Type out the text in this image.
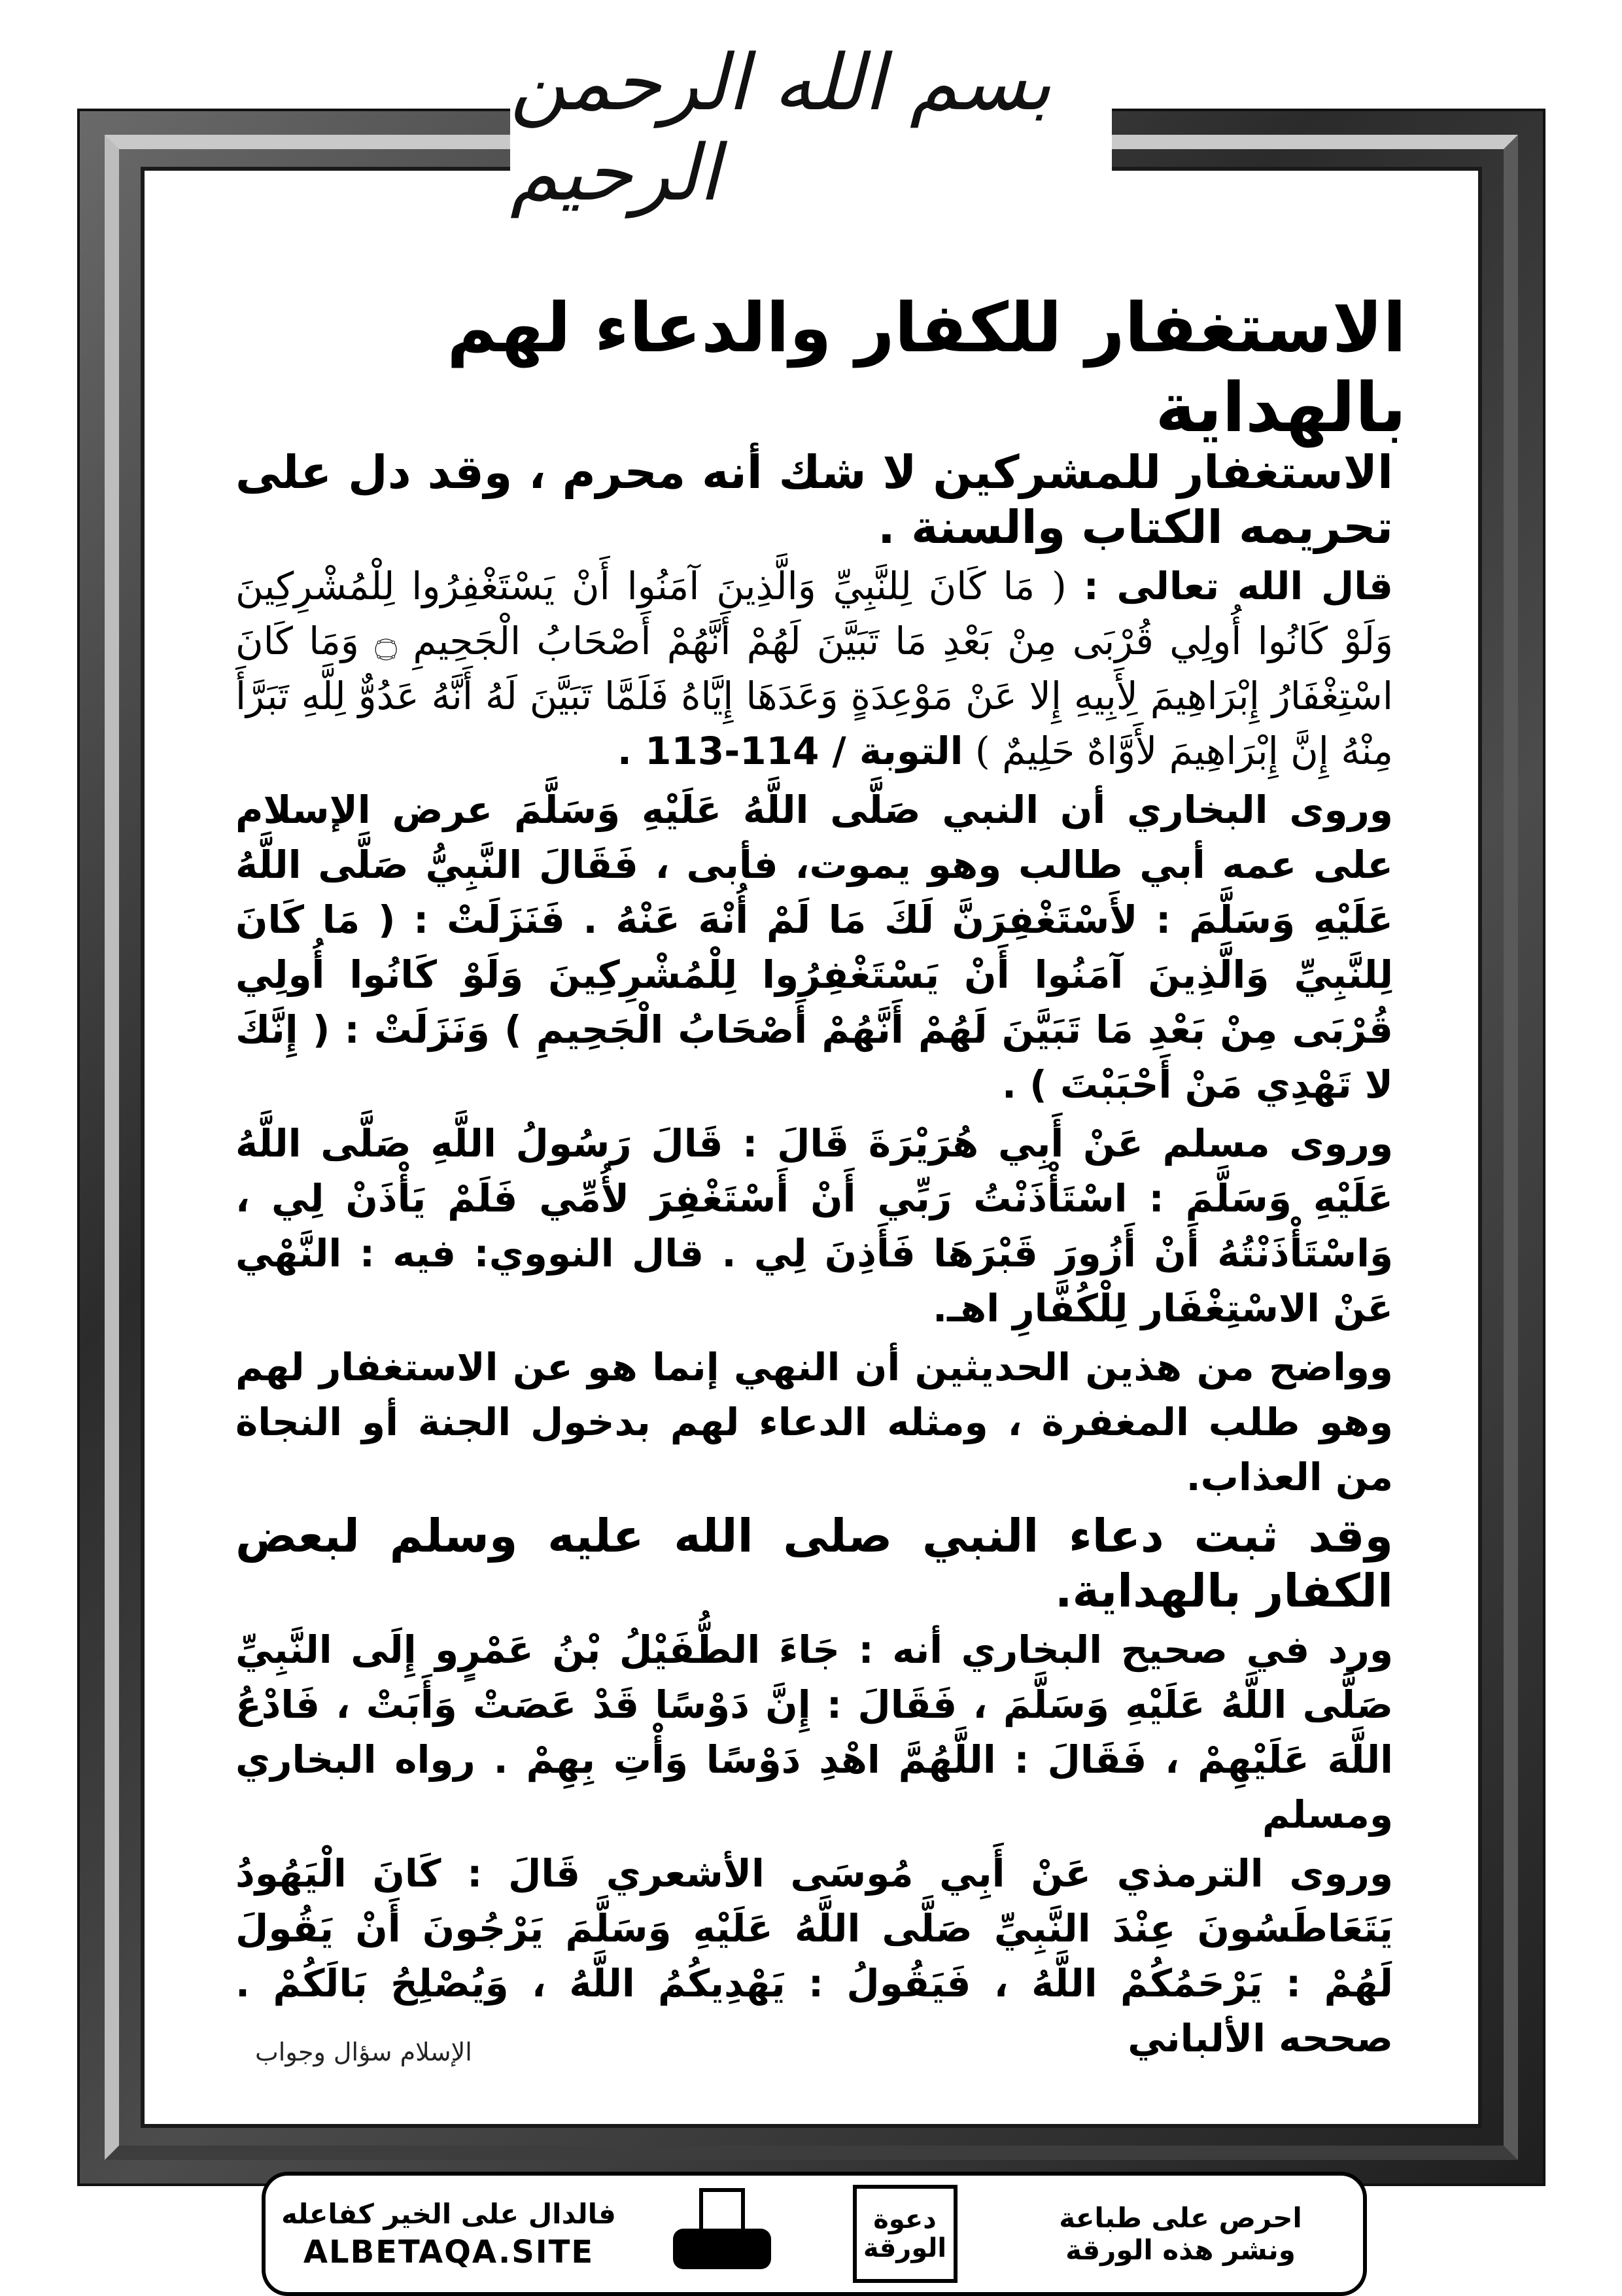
بسم الله الرحمن الرحيم
الاستغفار للكفار والدعاء لهم بالهداية

الاستغفار للمشركين لا شك أنه محرم ، وقد دل على تحريمه الكتاب والسنة .

قال الله تعالى : ( مَا كَانَ لِلنَّبِيِّ وَالَّذِينَ آمَنُوا أَنْ يَسْتَغْفِرُوا لِلْمُشْرِكِينَ وَلَوْ كَانُوا أُولِي قُرْبَى مِنْ بَعْدِ مَا تَبَيَّنَ لَهُمْ أَنَّهُمْ أَصْحَابُ الْجَحِيمِ ۝ وَمَا كَانَ اسْتِغْفَارُ إِبْرَاهِيمَ لِأَبِيهِ إِلا عَنْ مَوْعِدَةٍ وَعَدَهَا إِيَّاهُ فَلَمَّا تَبَيَّنَ لَهُ أَنَّهُ عَدُوٌّ لِلَّهِ تَبَرَّأَ مِنْهُ إِنَّ إِبْرَاهِيمَ لأَوَّاهٌ حَلِيمٌ ) التوبة / 114-113 .

وروى البخاري أن النبي صَلَّى اللَّهُ عَلَيْهِ وَسَلَّمَ عرض الإسلام على عمه أبي طالب وهو يموت، فأبى ، فَقَالَ النَّبِيُّ صَلَّى اللَّهُ عَلَيْهِ وَسَلَّمَ : لأَسْتَغْفِرَنَّ لَكَ مَا لَمْ أُنْهَ عَنْهُ . فَنَزَلَتْ : ( مَا كَانَ لِلنَّبِيِّ وَالَّذِينَ آمَنُوا أَنْ يَسْتَغْفِرُوا لِلْمُشْرِكِينَ وَلَوْ كَانُوا أُولِي قُرْبَى مِنْ بَعْدِ مَا تَبَيَّنَ لَهُمْ أَنَّهُمْ أَصْحَابُ الْجَحِيمِ ) وَنَزَلَتْ : ( إِنَّكَ لا تَهْدِي مَنْ أَحْبَبْتَ ) .

وروى مسلم عَنْ أَبِي هُرَيْرَةَ قَالَ : قَالَ رَسُولُ اللَّهِ صَلَّى اللَّهُ عَلَيْهِ وَسَلَّمَ : اسْتَأْذَنْتُ رَبِّي أَنْ أَسْتَغْفِرَ لأُمِّي فَلَمْ يَأْذَنْ لِي ، وَاسْتَأْذَنْتُهُ أَنْ أَزُورَ قَبْرَهَا فَأَذِنَ لِي . قال النووي: فيه : النَّهْي عَنْ الاسْتِغْفَار لِلْكُفَّارِ اهـ.

وواضح من هذين الحديثين أن النهي إنما هو عن الاستغفار لهم وهو طلب المغفرة ، ومثله الدعاء لهم بدخول الجنة أو النجاة من العذاب.

وقد ثبت دعاء النبي صلى الله عليه وسلم لبعض الكفار بالهداية.

ورد في صحيح البخاري أنه : جَاءَ الطُّفَيْلُ بْنُ عَمْرٍو إِلَى النَّبِيِّ صَلَّى اللَّهُ عَلَيْهِ وَسَلَّمَ ، فَقَالَ : إِنَّ دَوْسًا قَدْ عَصَتْ وَأَبَتْ ، فَادْعُ اللَّهَ عَلَيْهِمْ ، فَقَالَ : اللَّهُمَّ اهْدِ دَوْسًا وَأْتِ بِهِمْ . رواه البخاري ومسلم

وروى الترمذي عَنْ أَبِي مُوسَى الأشعري قَالَ : كَانَ الْيَهُودُ يَتَعَاطَسُونَ عِنْدَ النَّبِيِّ صَلَّى اللَّهُ عَلَيْهِ وَسَلَّمَ يَرْجُونَ أَنْ يَقُولَ لَهُمْ : يَرْحَمُكُمْ اللَّهُ ، فَيَقُولُ : يَهْدِيكُمُ اللَّهُ ، وَيُصْلِحُ بَالَكُمْ . صححه الألباني

الإسلام سؤال وجواب
فالدال على الخير كفاعله
ALBETAQA.SITE
دعوة الورقة
احرص على طباعة
ونشر هذه الورقة
